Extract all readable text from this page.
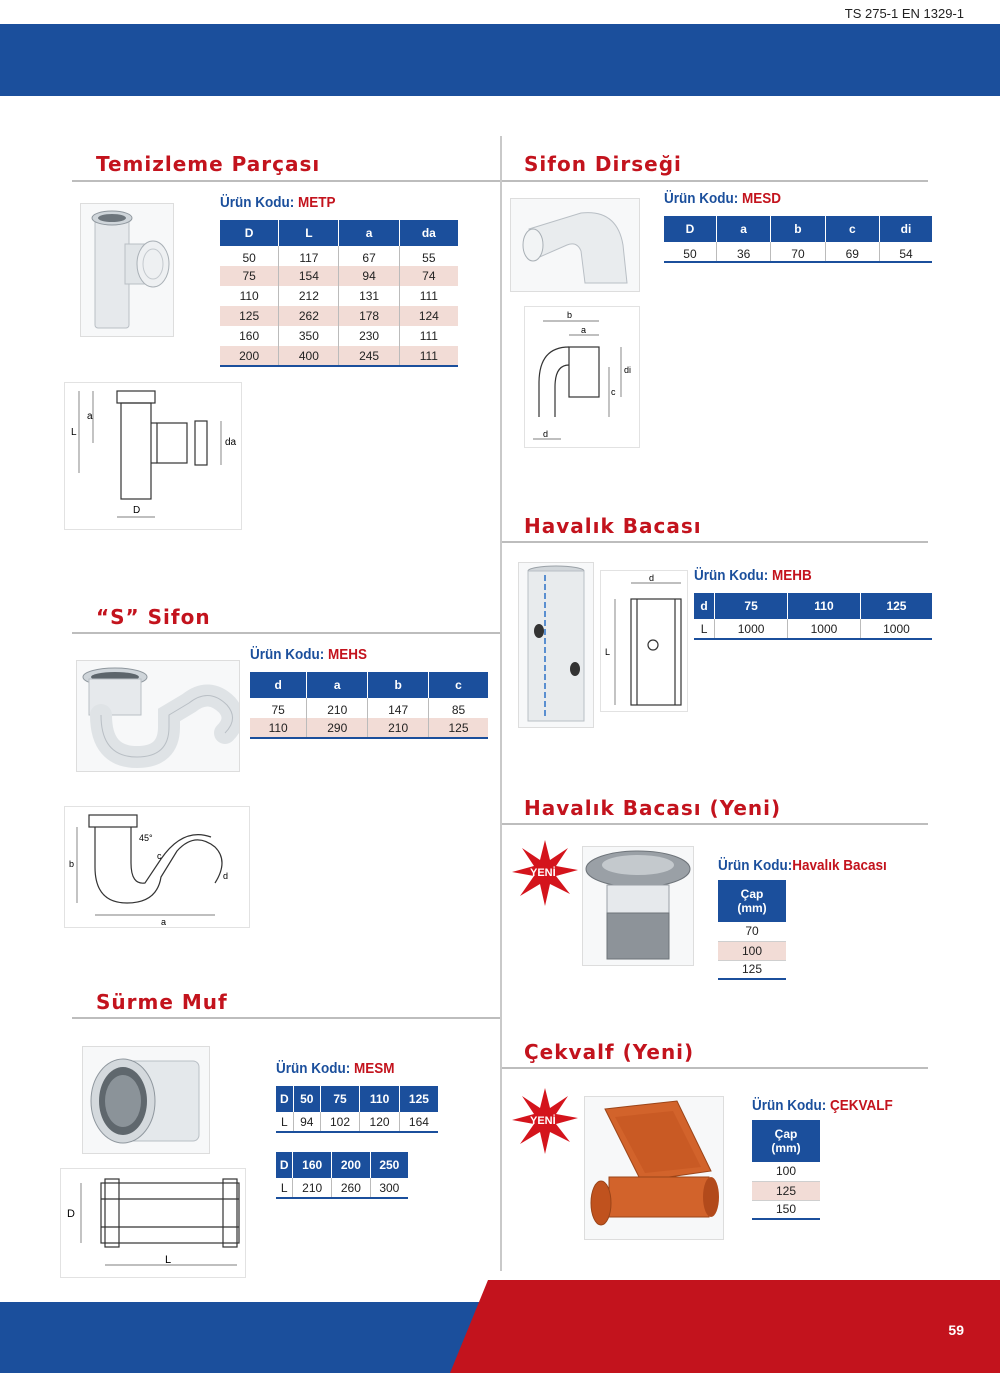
TS 275-1 EN 1329-1
Temizleme Parçası
Ürün Kodu: METP
D	L	a	da
50	117	67	55
75	154	94	74
110	212	131	111
125	262	178	124
160	350	230	111
200	400	245	111
L
a
da
D
“S” Sifon
Ürün Kodu: MEHS
d	a	b	c
75	210	147	85
110	290	210	125
45°
b
c
d
a
Sürme Muf
Ürün Kodu: MESM
D	50	75	110	125
L	94	102	120	164
D	160	200	250
L	210	260	300
D
L
Sifon Dirseği
Ürün Kodu: MESD
D	a	b	c	di
50	36	70	69	54
b
a
di
c
d
Havalık Bacası
d
L
Ürün Kodu: MEHB
d	75	110	125
L	1000	1000	1000
Havalık Bacası (Yeni)
YENİ	Ürün Kodu:Havalık Bacası
Çap
(mm)

70
100
125
Çekvalf (Yeni)
YENİ
Ürün Kodu: ÇEKVALF
Çap
(mm)

100
125
150
59
